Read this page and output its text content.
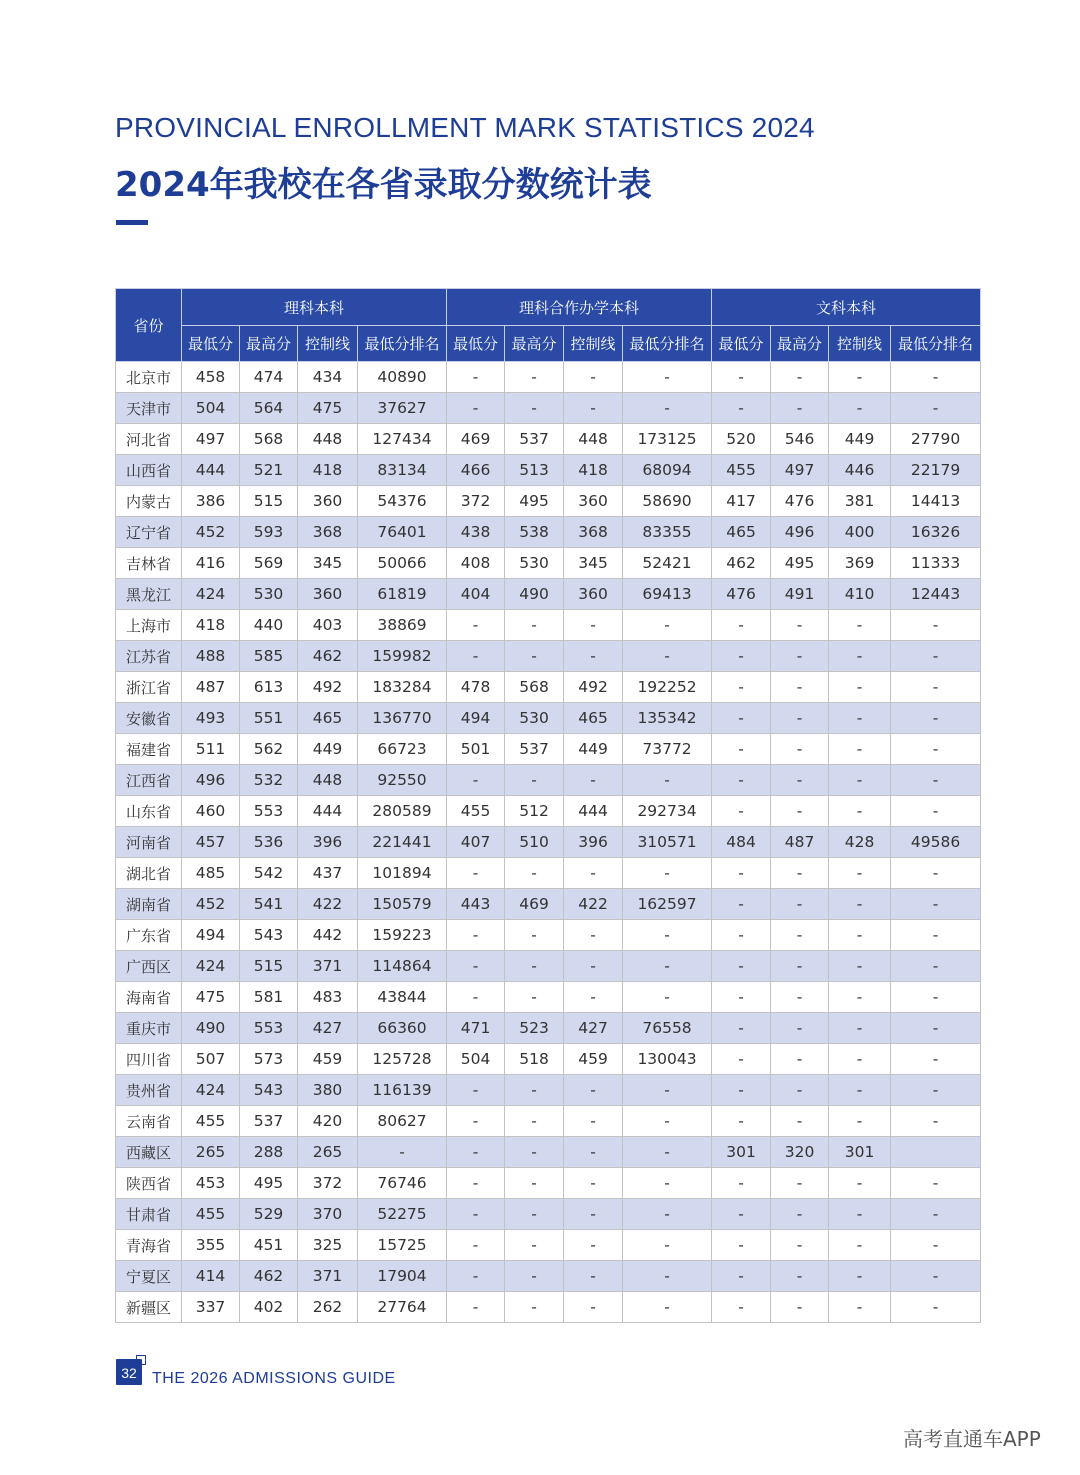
PROVINCIAL ENROLLMENT MARK STATISTICS 2024
2024年我校在各省录取分数统计表
省份	理科本科				理科合作办学本科				文科本科			
	最低分	最高分	控制线	最低分排名	最低分	最高分	控制线	最低分排名	最低分	最高分	控制线	最低分排名
北京市	458	474	434	40890	-	-	-	-	-	-	-	-
天津市	504	564	475	37627	-	-	-	-	-	-	-	-
河北省	497	568	448	127434	469	537	448	173125	520	546	449	27790
山西省	444	521	418	83134	466	513	418	68094	455	497	446	22179
内蒙古	386	515	360	54376	372	495	360	58690	417	476	381	14413
辽宁省	452	593	368	76401	438	538	368	83355	465	496	400	16326
吉林省	416	569	345	50066	408	530	345	52421	462	495	369	11333
黑龙江	424	530	360	61819	404	490	360	69413	476	491	410	12443
上海市	418	440	403	38869	-	-	-	-	-	-	-	-
江苏省	488	585	462	159982	-	-	-	-	-	-	-	-
浙江省	487	613	492	183284	478	568	492	192252	-	-	-	-
安徽省	493	551	465	136770	494	530	465	135342	-	-	-	-
福建省	511	562	449	66723	501	537	449	73772	-	-	-	-
江西省	496	532	448	92550	-	-	-	-	-	-	-	-
山东省	460	553	444	280589	455	512	444	292734	-	-	-	-
河南省	457	536	396	221441	407	510	396	310571	484	487	428	49586
湖北省	485	542	437	101894	-	-	-	-	-	-	-	-
湖南省	452	541	422	150579	443	469	422	162597	-	-	-	-
广东省	494	543	442	159223	-	-	-	-	-	-	-	-
广西区	424	515	371	114864	-	-	-	-	-	-	-	-
海南省	475	581	483	43844	-	-	-	-	-	-	-	-
重庆市	490	553	427	66360	471	523	427	76558	-	-	-	-
四川省	507	573	459	125728	504	518	459	130043	-	-	-	-
贵州省	424	543	380	116139	-	-	-	-	-	-	-	-
云南省	455	537	420	80627	-	-	-	-	-	-	-	-
西藏区	265	288	265	-	-	-	-	-	301	320	301	
陕西省	453	495	372	76746	-	-	-	-	-	-	-	-
甘肃省	455	529	370	52275	-	-	-	-	-	-	-	-
青海省	355	451	325	15725	-	-	-	-	-	-	-	-
宁夏区	414	462	371	17904	-	-	-	-	-	-	-	-
新疆区	337	402	262	27764	-	-	-	-	-	-	-	-
32 THE 2026 ADMISSIONS GUIDE
高考直通车APP
